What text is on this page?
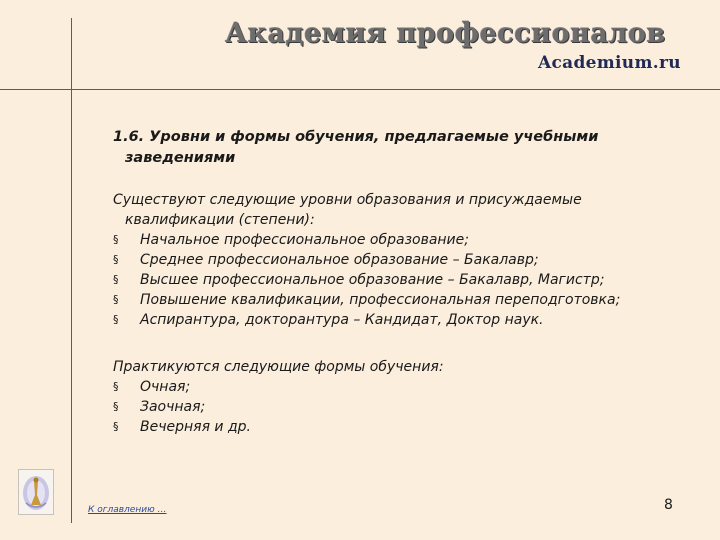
Академия профессионалов
Academium.ru

1.6. Уровни и формы обучения, предлагаемые учебными заведениями

Существуют следующие уровни образования и присуждаемые квалификации (степени):

§ Начальное профессиональное образование;
§ Среднее профессиональное образование – Бакалавр;
§ Высшее профессиональное образование – Бакалавр, Магистр;
§ Повышение квалификации, профессиональная переподготовка;
§ Аспирантура, докторантура – Кандидат, Доктор наук.

Практикуются следующие формы обучения:

§ Очная;
§ Заочная;
§ Вечерняя и др.
К оглавлению …	8
